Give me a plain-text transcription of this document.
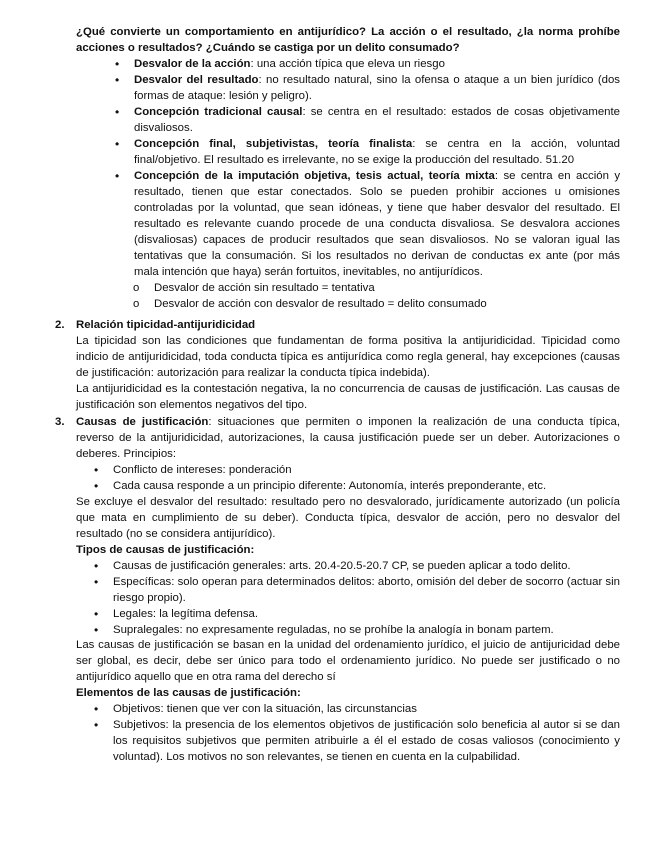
¿Qué convierte un comportamiento en antijurídico? La acción o el resultado, ¿la norma prohíbe acciones o resultados? ¿Cuándo se castiga por un delito consumado?

• Desvalor de la acción: una acción típica que eleva un riesgo
• Desvalor del resultado: no resultado natural, sino la ofensa o ataque a un bien jurídico (dos formas de ataque: lesión y peligro).
• Concepción tradicional causal: se centra en el resultado: estados de cosas objetivamente disvaliosos.
• Concepción final, subjetivistas, teoría finalista: se centra en la acción, voluntad final/objetivo. El resultado es irrelevante, no se exige la producción del resultado. 51.20
• Concepción de la imputación objetiva, tesis actual, teoría mixta: se centra en acción y resultado, tienen que estar conectados. Solo se pueden prohibir acciones u omisiones controladas por la voluntad, que sean idóneas, y tiene que haber desvalor del resultado. El resultado es relevante cuando procede de una conducta disvaliosa. Se desvalora acciones (disvaliosas) capaces de producir resultados que sean disvaliosos. No se valoran igual las tentativas que la consumación. Si los resultados no derivan de conductas ex ante (por más mala intención que haya) serán fortuitos, inevitables, no antijurídicos.
o Desvalor de acción sin resultado = tentativa
o Desvalor de acción con desvalor de resultado = delito consumado
2. Relación tipicidad-antijuridicidad

La tipicidad son las condiciones que fundamentan de forma positiva la antijuridicidad. Tipicidad como indicio de antijuridicidad, toda conducta típica es antijurídica como regla general, hay excepciones (causas de justificación: autorización para realizar la conducta típica indebida).

La antijuridicidad es la contestación negativa, la no concurrencia de causas de justificación. Las causas de justificación son elementos negativos del tipo.

3. Causas de justificación: situaciones que permiten o imponen la realización de una conducta típica, reverso de la antijuridicidad, autorizaciones, la causa justificación puede ser un deber. Autorizaciones o deberes. Principios:

• Conflicto de intereses: ponderación
• Cada causa responde a un principio diferente: Autonomía, interés preponderante, etc.

Se excluye el desvalor del resultado: resultado pero no desvalorado, jurídicamente autorizado (un policía que mata en cumplimiento de su deber). Conducta típica, desvalor de acción, pero no desvalor del resultado (no se considera antijurídico).

Tipos de causas de justificación:

• Causas de justificación generales: arts. 20.4-20.5-20.7 CP, se pueden aplicar a todo delito.
• Específicas: solo operan para determinados delitos: aborto, omisión del deber de socorro (actuar sin riesgo propio).
• Legales: la legítima defensa.
• Supralegales: no expresamente reguladas, no se prohíbe la analogía in bonam partem.

Las causas de justificación se basan en la unidad del ordenamiento jurídico, el juicio de antijuricidad debe ser global, es decir, debe ser único para todo el ordenamiento jurídico. No puede ser justificado o no antijurídico aquello que en otra rama del derecho sí

Elementos de las causas de justificación:

• Objetivos: tienen que ver con la situación, las circunstancias
• Subjetivos: la presencia de los elementos objetivos de justificación solo beneficia al autor si se dan los requisitos subjetivos que permiten atribuirle a él el estado de cosas valiosos (conocimiento y voluntad). Los motivos no son relevantes, se tienen en cuenta en la culpabilidad.
